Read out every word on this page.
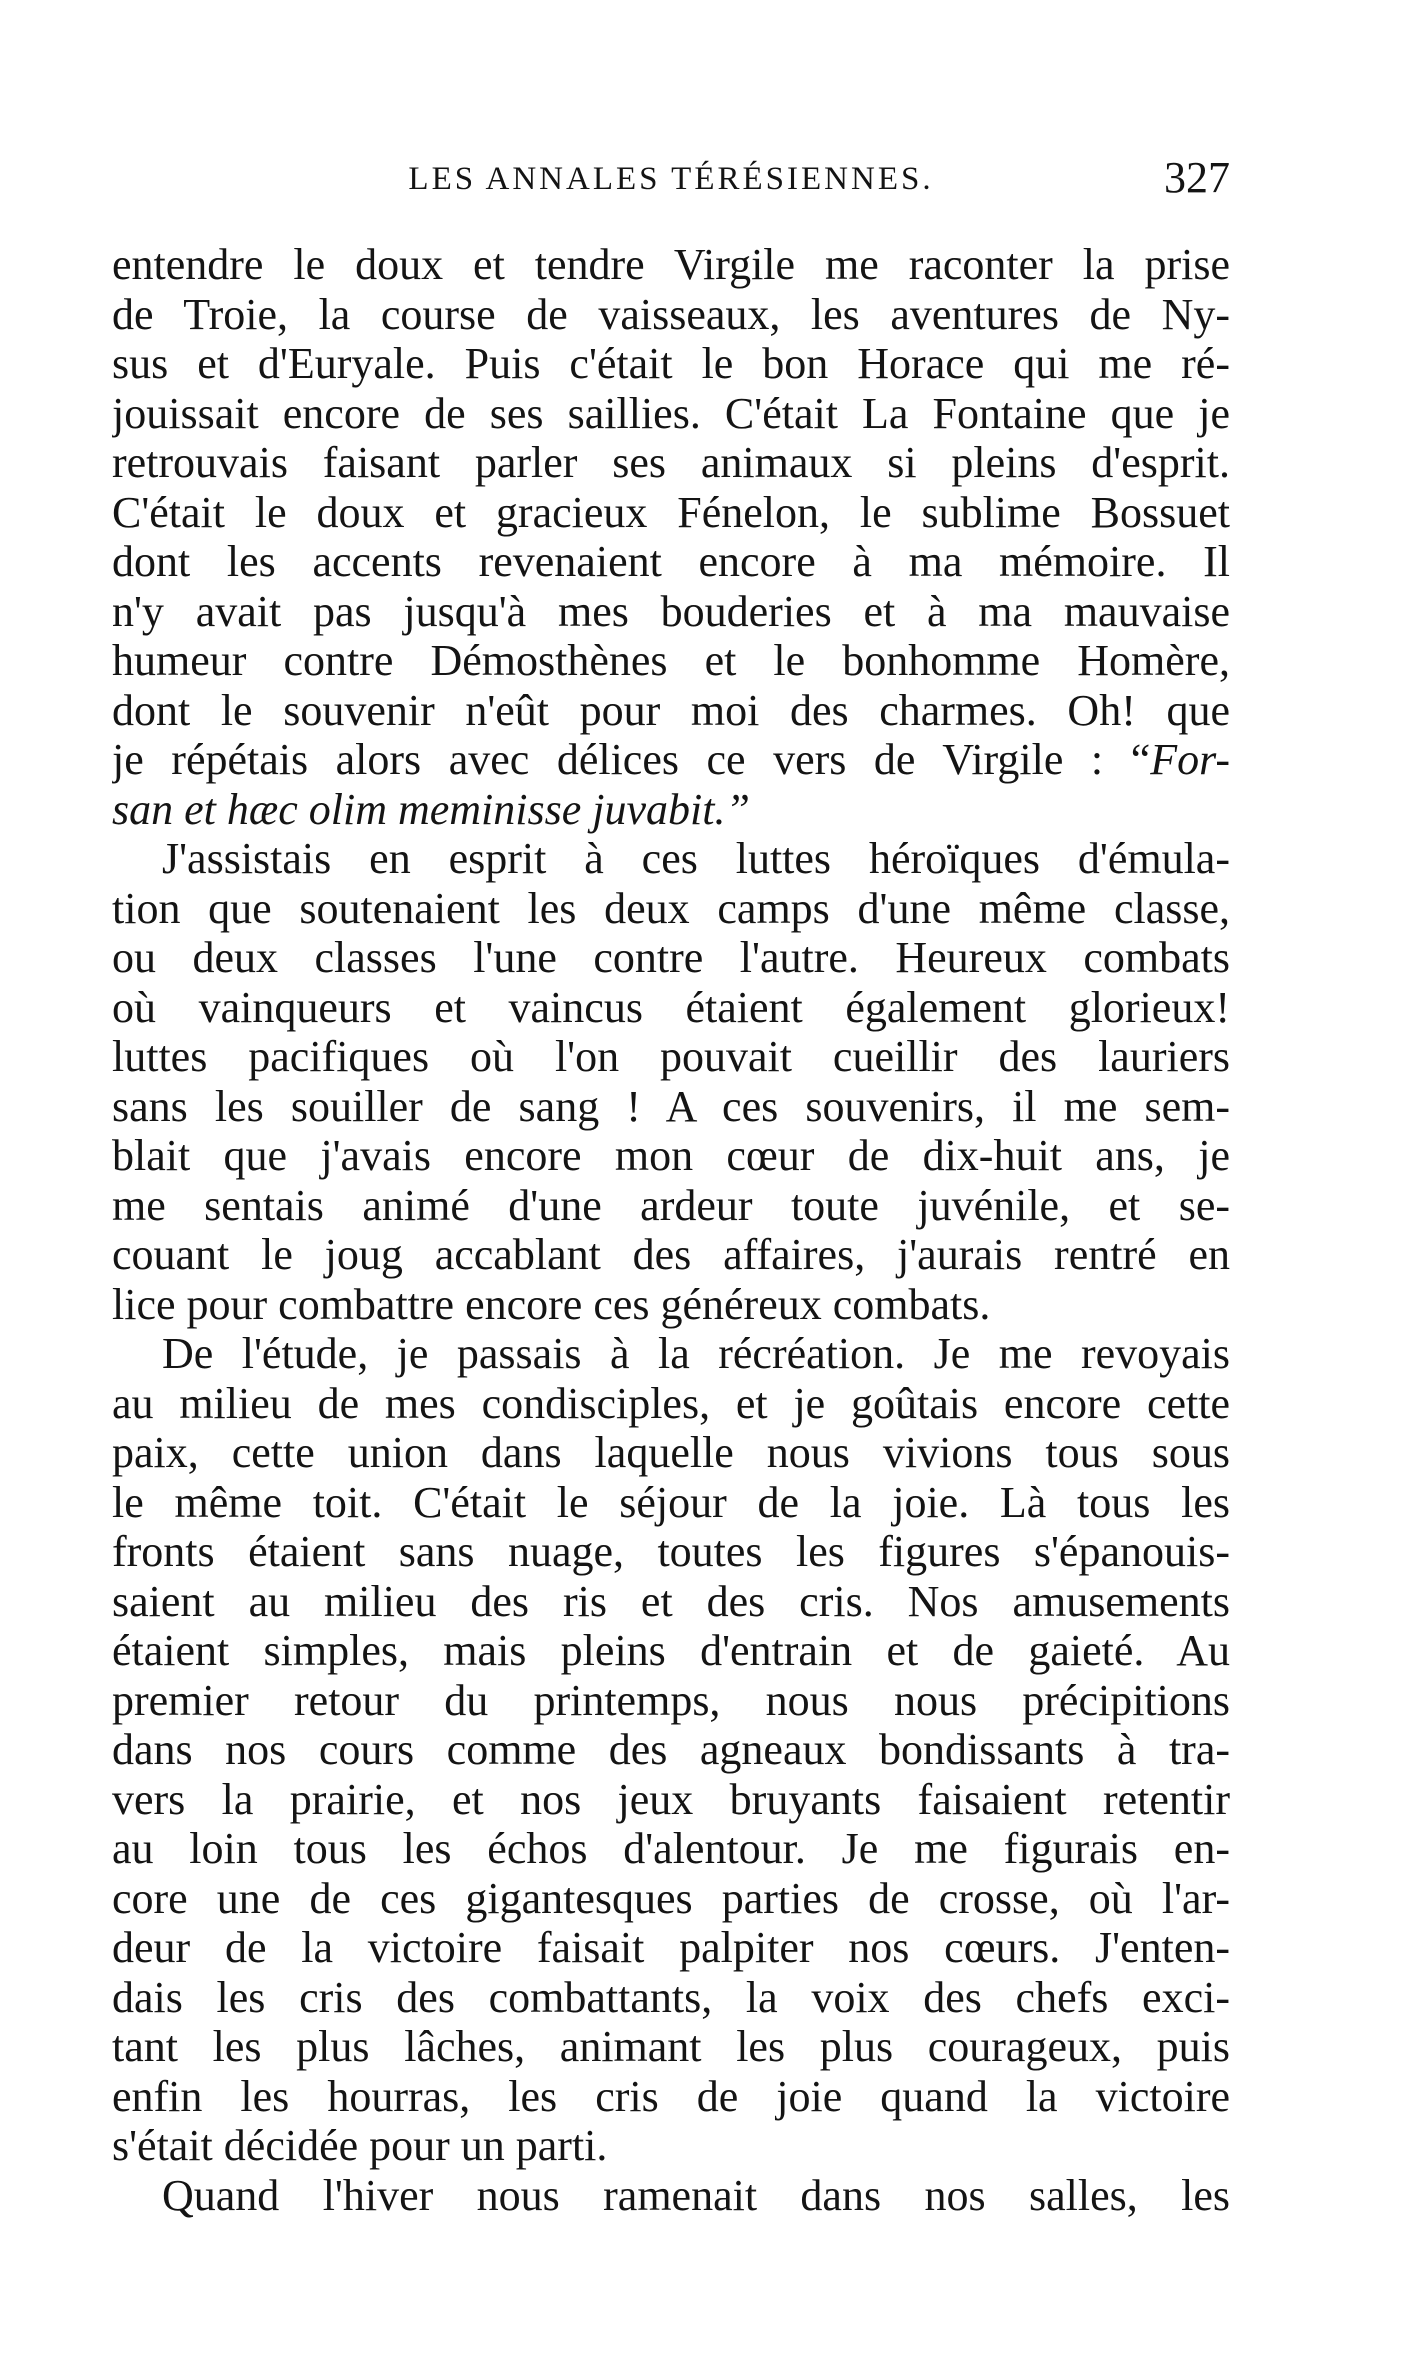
LES ANNALES TÉRÉSIENNES.	327
entendre le doux et tendre Virgile me raconter la prise
de Troie, la course de vaisseaux, les aventures de Ny-
sus et d'Euryale. Puis c'était le bon Horace qui me ré-
jouissait encore de ses saillies. C'était La Fontaine que je
retrouvais faisant parler ses animaux si pleins d'esprit.
C'était le doux et gracieux Fénelon, le sublime Bossuet
dont les accents revenaient encore à ma mémoire. Il
n'y avait pas jusqu'à mes bouderies et à ma mauvaise
humeur contre Démosthènes et le bonhomme Homère,
dont le souvenir n'eût pour moi des charmes. Oh! que
je répétais alors avec délices ce vers de Virgile : “For-
san et hæc olim meminisse juvabit.”
J'assistais en esprit à ces luttes héroïques d'émula-
tion que soutenaient les deux camps d'une même classe,
ou deux classes l'une contre l'autre. Heureux combats
où vainqueurs et vaincus étaient également glorieux!
luttes pacifiques où l'on pouvait cueillir des lauriers
sans les souiller de sang ! A ces souvenirs, il me sem-
blait que j'avais encore mon cœur de dix-huit ans, je
me sentais animé d'une ardeur toute juvénile, et se-
couant le joug accablant des affaires, j'aurais rentré en
lice pour combattre encore ces généreux combats.
De l'étude, je passais à la récréation. Je me revoyais
au milieu de mes condisciples, et je goûtais encore cette
paix, cette union dans laquelle nous vivions tous sous
le même toit. C'était le séjour de la joie. Là tous les
fronts étaient sans nuage, toutes les figures s'épanouis-
saient au milieu des ris et des cris. Nos amusements
étaient simples, mais pleins d'entrain et de gaieté. Au
premier retour du printemps, nous nous précipitions
dans nos cours comme des agneaux bondissants à tra-
vers la prairie, et nos jeux bruyants faisaient retentir
au loin tous les échos d'alentour. Je me figurais en-
core une de ces gigantesques parties de crosse, où l'ar-
deur de la victoire faisait palpiter nos cœurs. J'enten-
dais les cris des combattants, la voix des chefs exci-
tant les plus lâches, animant les plus courageux, puis
enfin les hourras, les cris de joie quand la victoire
s'était décidée pour un parti.
Quand l'hiver nous ramenait dans nos salles, les
